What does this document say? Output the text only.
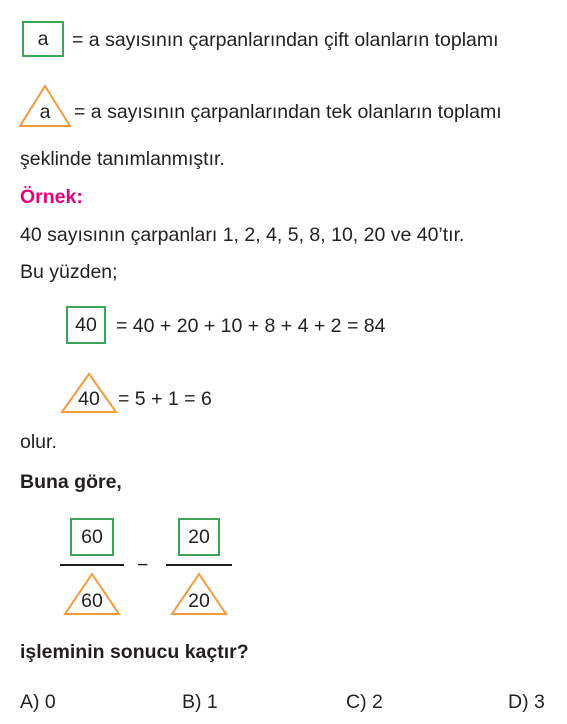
a = a sayısının çarpanlarından çift olanların toplamı
a	= a sayısının çarpanlarından tek olanların toplamı
şeklinde tanımlanmıştır.
Örnek:
40 sayısının çarpanları 1, 2, 4, 5, 8, 10, 20 ve 40’tır.
Bu yüzden;
40 = 40 + 20 + 10 + 8 + 4 + 2 = 84
40 = 5 + 1 = 6
olur.
Buna göre,
60
60
−
20
20
işleminin sonucu kaçtır?
A) 0	B) 1	C) 2	D) 3
